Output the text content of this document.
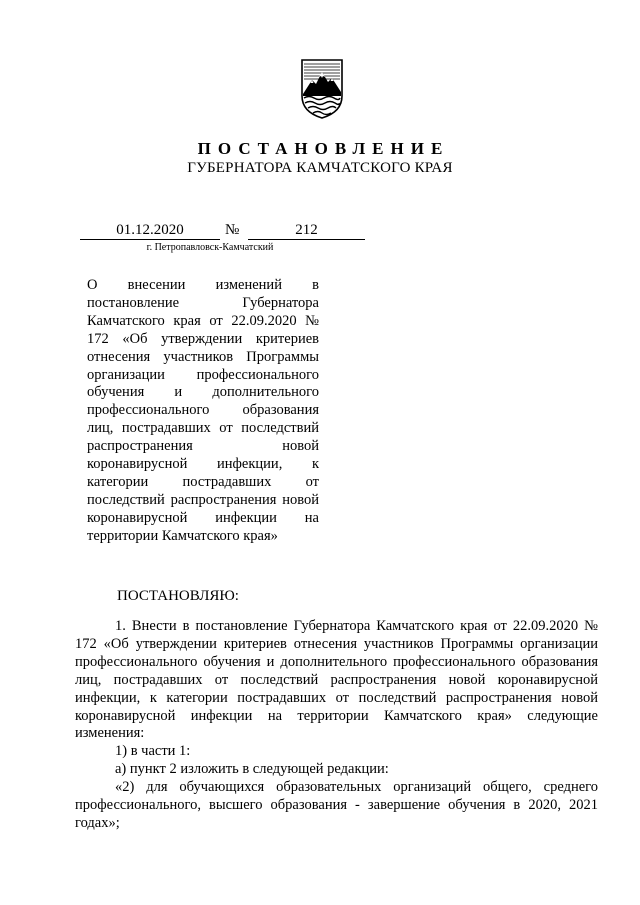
ПОСТАНОВЛЕНИЕ
ГУБЕРНАТОРА КАМЧАТСКОГО КРАЯ
01.12.2020	№	212
г. Петропавловск-Камчатский
О внесении изменений в постановление Губернатора Камчатского края от 22.09.2020 № 172 «Об утверждении критериев отнесения участников Программы организации профессионального обучения и дополнительного профессионального образования лиц, пострадавших от последствий распространения новой коронавирусной инфекции, к категории пострадавших от последствий распространения новой коронавирусной инфекции на территории Камчатского края»
ПОСТАНОВЛЯЮ:

1. Внести в постановление Губернатора Камчатского края от 22.09.2020 № 172 «Об утверждении критериев отнесения участников Программы организации профессионального обучения и дополнительного профессионального образования лиц, пострадавших от последствий распространения новой коронавирусной инфекции, к категории пострадавших от последствий распространения новой коронавирусной инфекции на территории Камчатского края» следующие изменения:

1) в части 1:

а) пункт 2 изложить в следующей редакции:

«2) для обучающихся образовательных организаций общего, среднего профессионального, высшего образования - завершение обучения в 2020, 2021 годах»;
